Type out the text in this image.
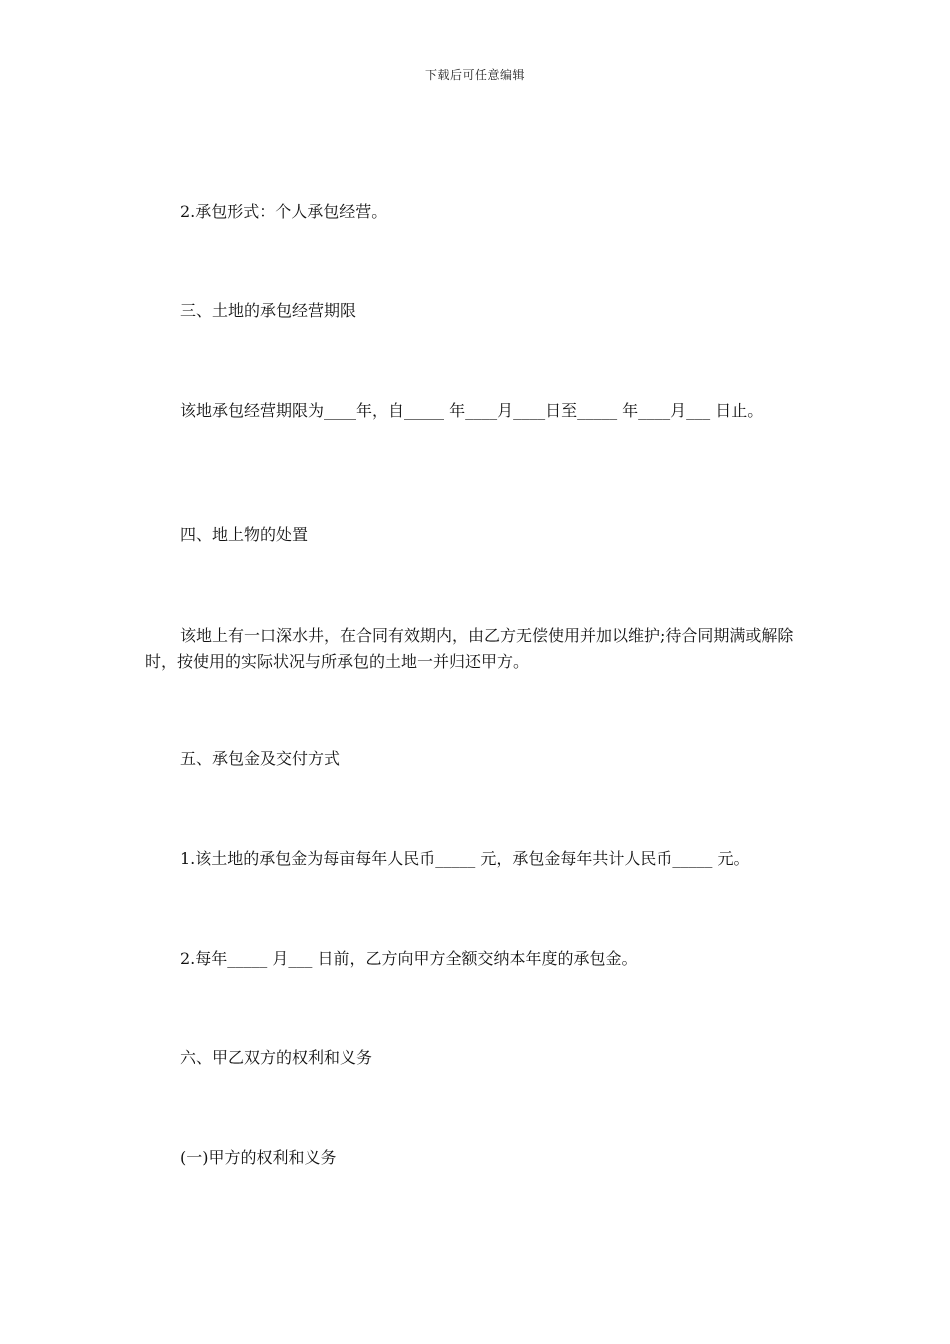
下载后可任意编辑
2.承包形式：个人承包经营。
三、土地的承包经营期限
该地承包经营期限为____年，自_____ 年____月____日至_____ 年____月___ 日止。
四、地上物的处置
该地上有一口深水井，在合同有效期内，由乙方无偿使用并加以维护;待合同期满或解除时，按使用的实际状况与所承包的土地一并归还甲方。
五、承包金及交付方式
1.该土地的承包金为每亩每年人民币_____ 元，承包金每年共计人民币_____ 元。
2.每年_____ 月___ 日前，乙方向甲方全额交纳本年度的承包金。
六、甲乙双方的权利和义务
(一)甲方的权利和义务
